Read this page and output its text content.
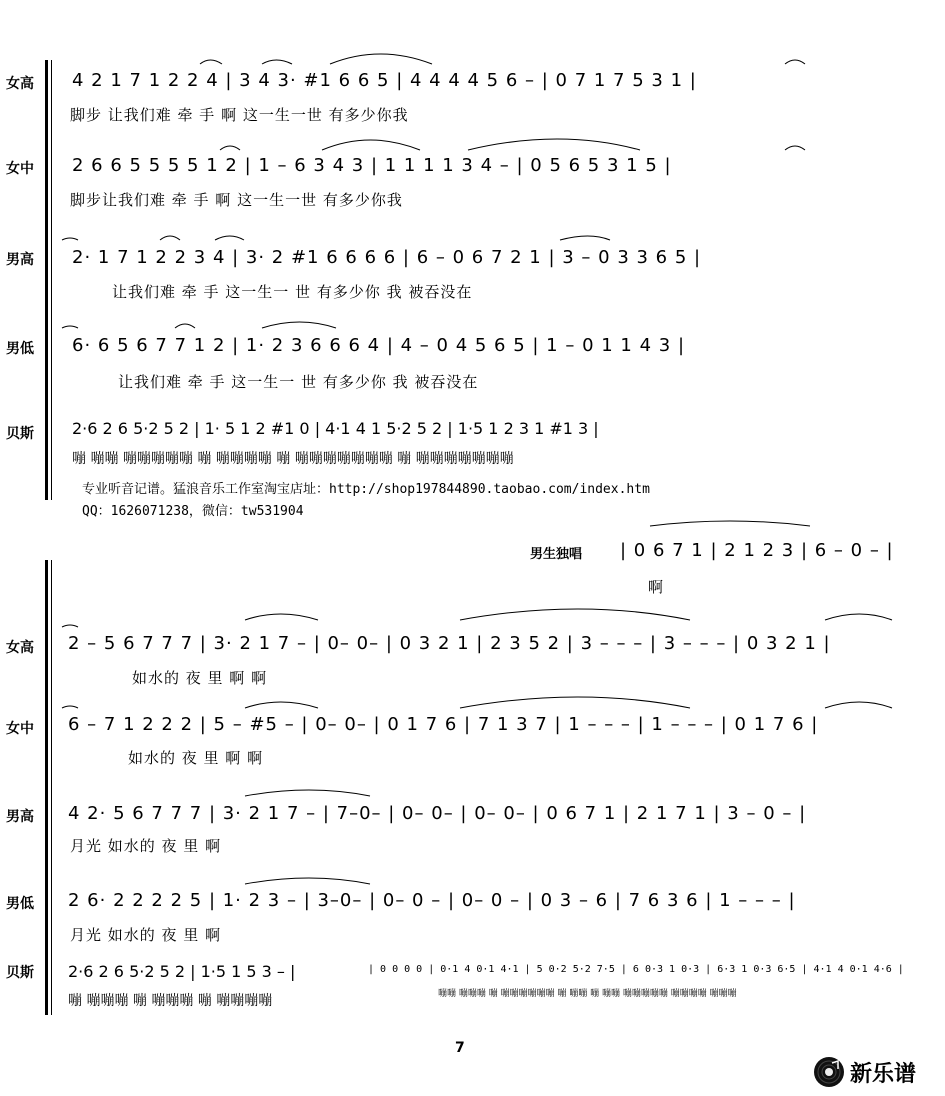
女高 4 2 1 7 1 2 2 4 | 3 4 3· #1 6 6 5 | 4 4 4 4 5 6 – | 0 7 1 7 5 3 1 |
脚步 让我们难 牵 手 啊 这一生一世 有多少你我
女中 2 6 6 5 5 5 5 1 2 | 1 – 6 3 4 3 | 1 1 1 1 3 4 – | 0 5 6 5 3 1 5 |
脚步让我们难 牵 手 啊 这一生一世 有多少你我
男高 2· 1 7 1 2 2 3 4 | 3· 2 #1 6 6 6 6 | 6 – 0 6 7 2 1 | 3 – 0 3 3 6 5 |
让我们难 牵 手 这一生一 世 有多少你 我 被吞没在
男低 6· 6 5 6 7 7 1 2 | 1· 2 3 6 6 6 4 | 4 – 0 4 5 6 5 | 1 – 0 1 1 4 3 |
让我们难 牵 手 这一生一 世 有多少你 我 被吞没在
贝斯 2·6 2 6 5·2 5 2 | 1· 5 1 2 #1 0 | 4·1 4 1 5·2 5 2 | 1·5 1 2 3 1 #1 3 |
嘣 嘣嘣 嘣嘣嘣嘣嘣 嘣 嘣嘣嘣嘣 嘣 嘣嘣嘣嘣嘣嘣嘣 嘣 嘣嘣嘣嘣嘣嘣嘣
专业听音记谱。猛浪音乐工作室淘宝店址：http://shop197844890.taobao.com/index.htm
QQ：1626071238，微信：tw531904
男生独唱 | 0 6 7 1 | 2 1 2 3 | 6 – 0 – |
啊
女高 2 – 5 6 7 7 7 | 3· 2 1 7 – | 0– 0– | 0 3 2 1 | 2 3 5 2 | 3 – – – | 3 – – – | 0 3 2 1 |
如水的 夜 里 啊 啊
女中 6 – 7 1 2 2 2 | 5 – #5 – | 0– 0– | 0 1 7 6 | 7 1 3 7 | 1 – – – | 1 – – – | 0 1 7 6 |
如水的 夜 里 啊 啊
男高 4 2· 5 6 7 7 7 | 3· 2 1 7 – | 7–0– | 0– 0– | 0– 0– | 0 6 7 1 | 2 1 7 1 | 3 – 0 – |
月光 如水的 夜 里 啊
男低 2 6· 2 2 2 2 5 | 1· 2 3 – | 3–0– | 0– 0 – | 0– 0 – | 0 3 – 6 | 7 6 3 6 | 1 – – – |
月光 如水的 夜 里 啊
贝斯 2·6 2 6 5·2 5 2 | 1·5 1 5 3 – |
嘣 嘣嘣嘣 嘣 嘣嘣嘣 嘣 嘣嘣嘣嘣
| 0 0 0 0 | 0·1 4 0·1 4·1 | 5 0·2 5·2 7·5 | 6 0·3 1 0·3 | 6·3 1 0·3 6·5 | 4·1 4 0·1 4·6 |
嘣嘣 嘣嘣嘣 嘣 嘣嘣嘣嘣嘣嘣 嘣 嘣嘣 嘣 嘣嘣 嘣嘣嘣嘣嘣 嘣嘣嘣嘣 嘣嘣嘣
7
新乐谱
